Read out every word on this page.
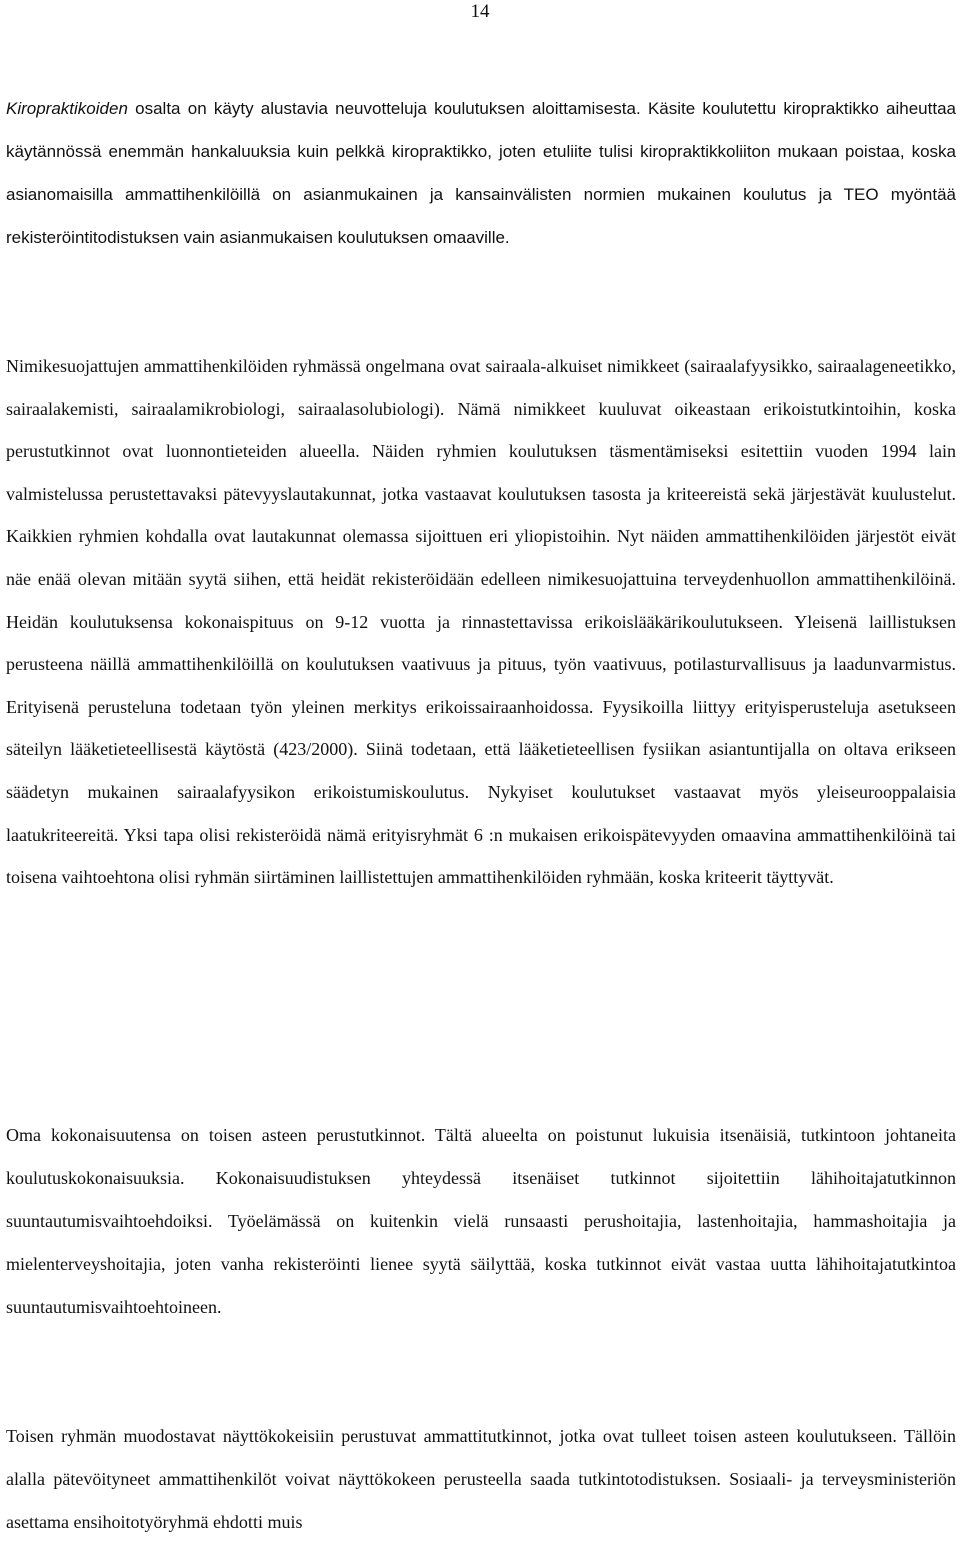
14

Kiropraktikoiden osalta on käyty alustavia neuvotteluja koulutuksen aloittamisesta. Käsite koulutettu kiropraktikko aiheuttaa käytännössä enemmän hankaluuksia kuin pelkkä kiropraktikko, joten etuliite tulisi kiropraktikkoliiton mukaan poistaa, koska asianomaisilla ammattihenkilöillä on asianmukainen ja kansainvälisten normien mukainen koulutus ja TEO myöntää rekisteröintitodistuksen vain asianmukaisen koulutuksen omaaville.

Nimikesuojattujen ammattihenkilöiden ryhmässä ongelmana ovat sairaala-alkuiset nimikkeet (sairaalafyysikko, sairaalageneetikko, sairaalakemisti, sairaalamikrobiologi, sairaalasolubiologi). Nämä nimikkeet kuuluvat oikeastaan erikoistutkintoihin, koska perustutkinnot ovat luonnontieteiden alueella. Näiden ryhmien koulutuksen täsmentämiseksi esitettiin vuoden 1994 lain valmistelussa perustettavaksi pätevyyslautakunnat, jotka vastaavat koulutuksen tasosta ja kriteereistä sekä järjestävät kuulustelut. Kaikkien ryhmien kohdalla ovat lautakunnat olemassa sijoittuen eri yliopistoihin. Nyt näiden ammattihenkilöiden järjestöt eivät näe enää olevan mitään syytä siihen, että heidät rekisteröidään edelleen nimikesuojattuina terveydenhuollon ammattihenkilöinä. Heidän koulutuksensa kokonaispituus on 9-12 vuotta ja rinnastettavissa erikoislääkärikoulutukseen. Yleisenä laillistuksen perusteena näillä ammattihenkilöillä on koulutuksen vaativuus ja pituus, työn vaativuus, potilasturvallisuus ja laadunvarmistus. Erityisenä perusteluna todetaan työn yleinen merkitys erikoissairaanhoidossa. Fyysikoilla liittyy erityisperusteluja asetukseen säteilyn lääketieteellisestä käytöstä (423/2000). Siinä todetaan, että lääketieteellisen fysiikan asiantuntijalla on oltava erikseen säädetyn mukainen sairaalafyysikon erikoistumiskoulutus. Nykyiset koulutukset vastaavat myös yleiseurooppalaisia laatukriteereitä. Yksi tapa olisi rekisteröidä nämä erityisryhmät 6 :n mukaisen erikoispätevyyden omaavina ammattihenkilöinä tai toisena vaihtoehtona olisi ryhmän siirtäminen laillistettujen ammattihenkilöiden ryhmään, koska kriteerit täyttyvät.

Oma kokonaisuutensa on toisen asteen perustutkinnot. Tältä alueelta on poistunut lukuisia itsenäisiä, tutkintoon johtaneita koulutuskokonaisuuksia. Kokonaisuudistuksen yhteydessä itsenäiset tutkinnot sijoitettiin lähihoitajatutkinnon suuntautumisvaihtoehdoiksi. Työelämässä on kuitenkin vielä runsaasti perushoitajia, lastenhoitajia, hammashoitajia ja mielenterveyshoitajia, joten vanha rekisteröinti lienee syytä säilyttää, koska tutkinnot eivät vastaa uutta lähihoitajatutkintoa suuntautumisvaihtoehtoineen.

Toisen ryhmän muodostavat näyttökokeisiin perustuvat ammattitutkinnot, jotka ovat tulleet toisen asteen koulutukseen. Tällöin alalla pätevöityneet ammattihenkilöt voivat näyttökokeen perusteella saada tutkintotodistuksen. Sosiaali- ja terveysministeriön asettama ensihoitotyöryhmä ehdotti muis
